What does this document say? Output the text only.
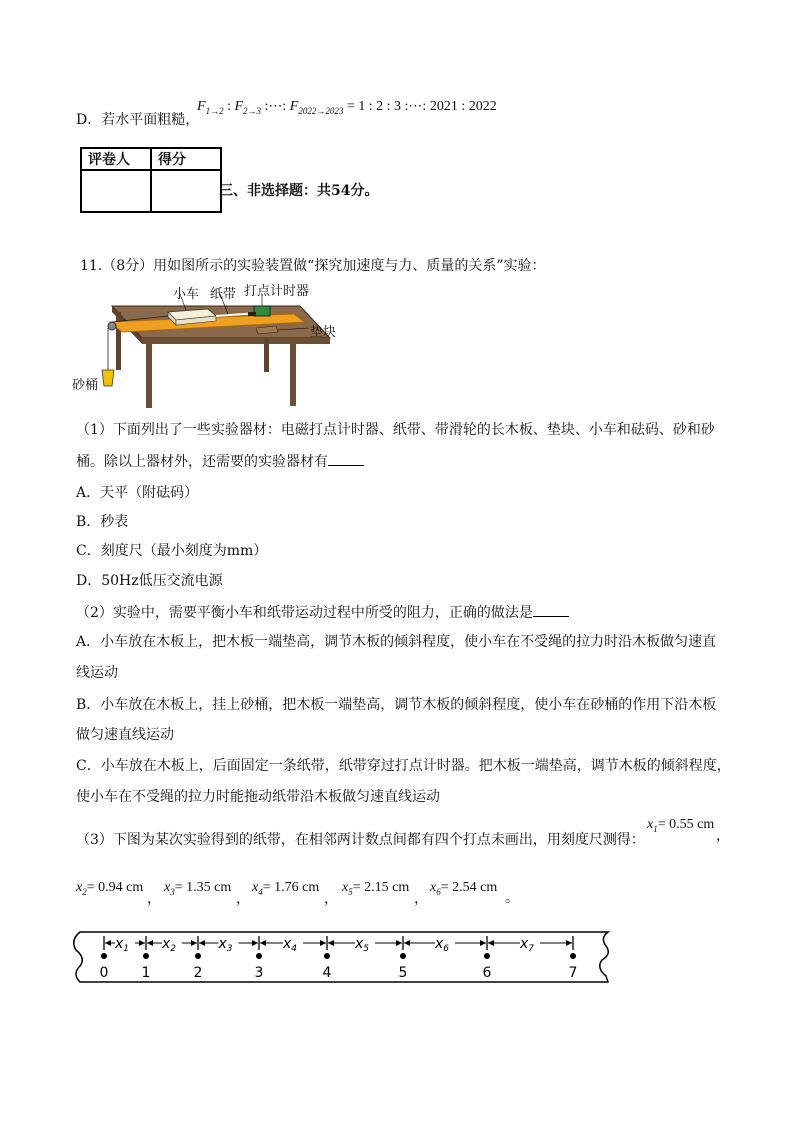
D．若水平面粗糙，
$F_{1\to 2}$ : $F_{2\to 3}$ :⋯: $F_{2022\to 2023} = 1$ : 2 : 3 :⋯: 2021 : 2022
评卷人	得分

三、非选择题：共54分。
11.（8分）用如图所示的实验装置做“探究加速度与力、质量的关系”实验：
小车 纸带 打点计时器
垫块
砂桶
（1）下面列出了一些实验器材：电磁打点计时器、纸带、带滑轮的长木板、垫块、小车和砝码、砂和砂
桶。除以上器材外，还需要的实验器材有
A．天平（附砝码）
B．秒表
C．刻度尺（最小刻度为mm）
D．50Hz低压交流电源
（2）实验中，需要平衡小车和纸带运动过程中所受的阻力，正确的做法是
A．小车放在木板上，把木板一端垫高，调节木板的倾斜程度，使小车在不受绳的拉力时沿木板做匀速直
线运动
B．小车放在木板上，挂上砂桶，把木板一端垫高，调节木板的倾斜程度，使小车在砂桶的作用下沿木板
做匀速直线运动
C．小车放在木板上，后面固定一条纸带，纸带穿过打点计时器。把木板一端垫高，调节木板的倾斜程度，
使小车在不受绳的拉力时能拖动纸带沿木板做匀速直线运动
（3）下图为某次实验得到的纸带，在相邻两计数点间都有四个打点未画出，用刻度尺测得：
$x_1= 0.55$ cm
，
$x_2= 0.94$ cm
，
$x_3= 1.35$ cm
，
$x_4= 1.76$ cm
，
$x_5= 2.15$ cm
，
$x_6= 2.54$ cm
。
0 1	2	3	4	5	6	7
$x_1$ $x_2$	$x_3$	$x_4$	$x_5$	$x_6$	$x_7$
